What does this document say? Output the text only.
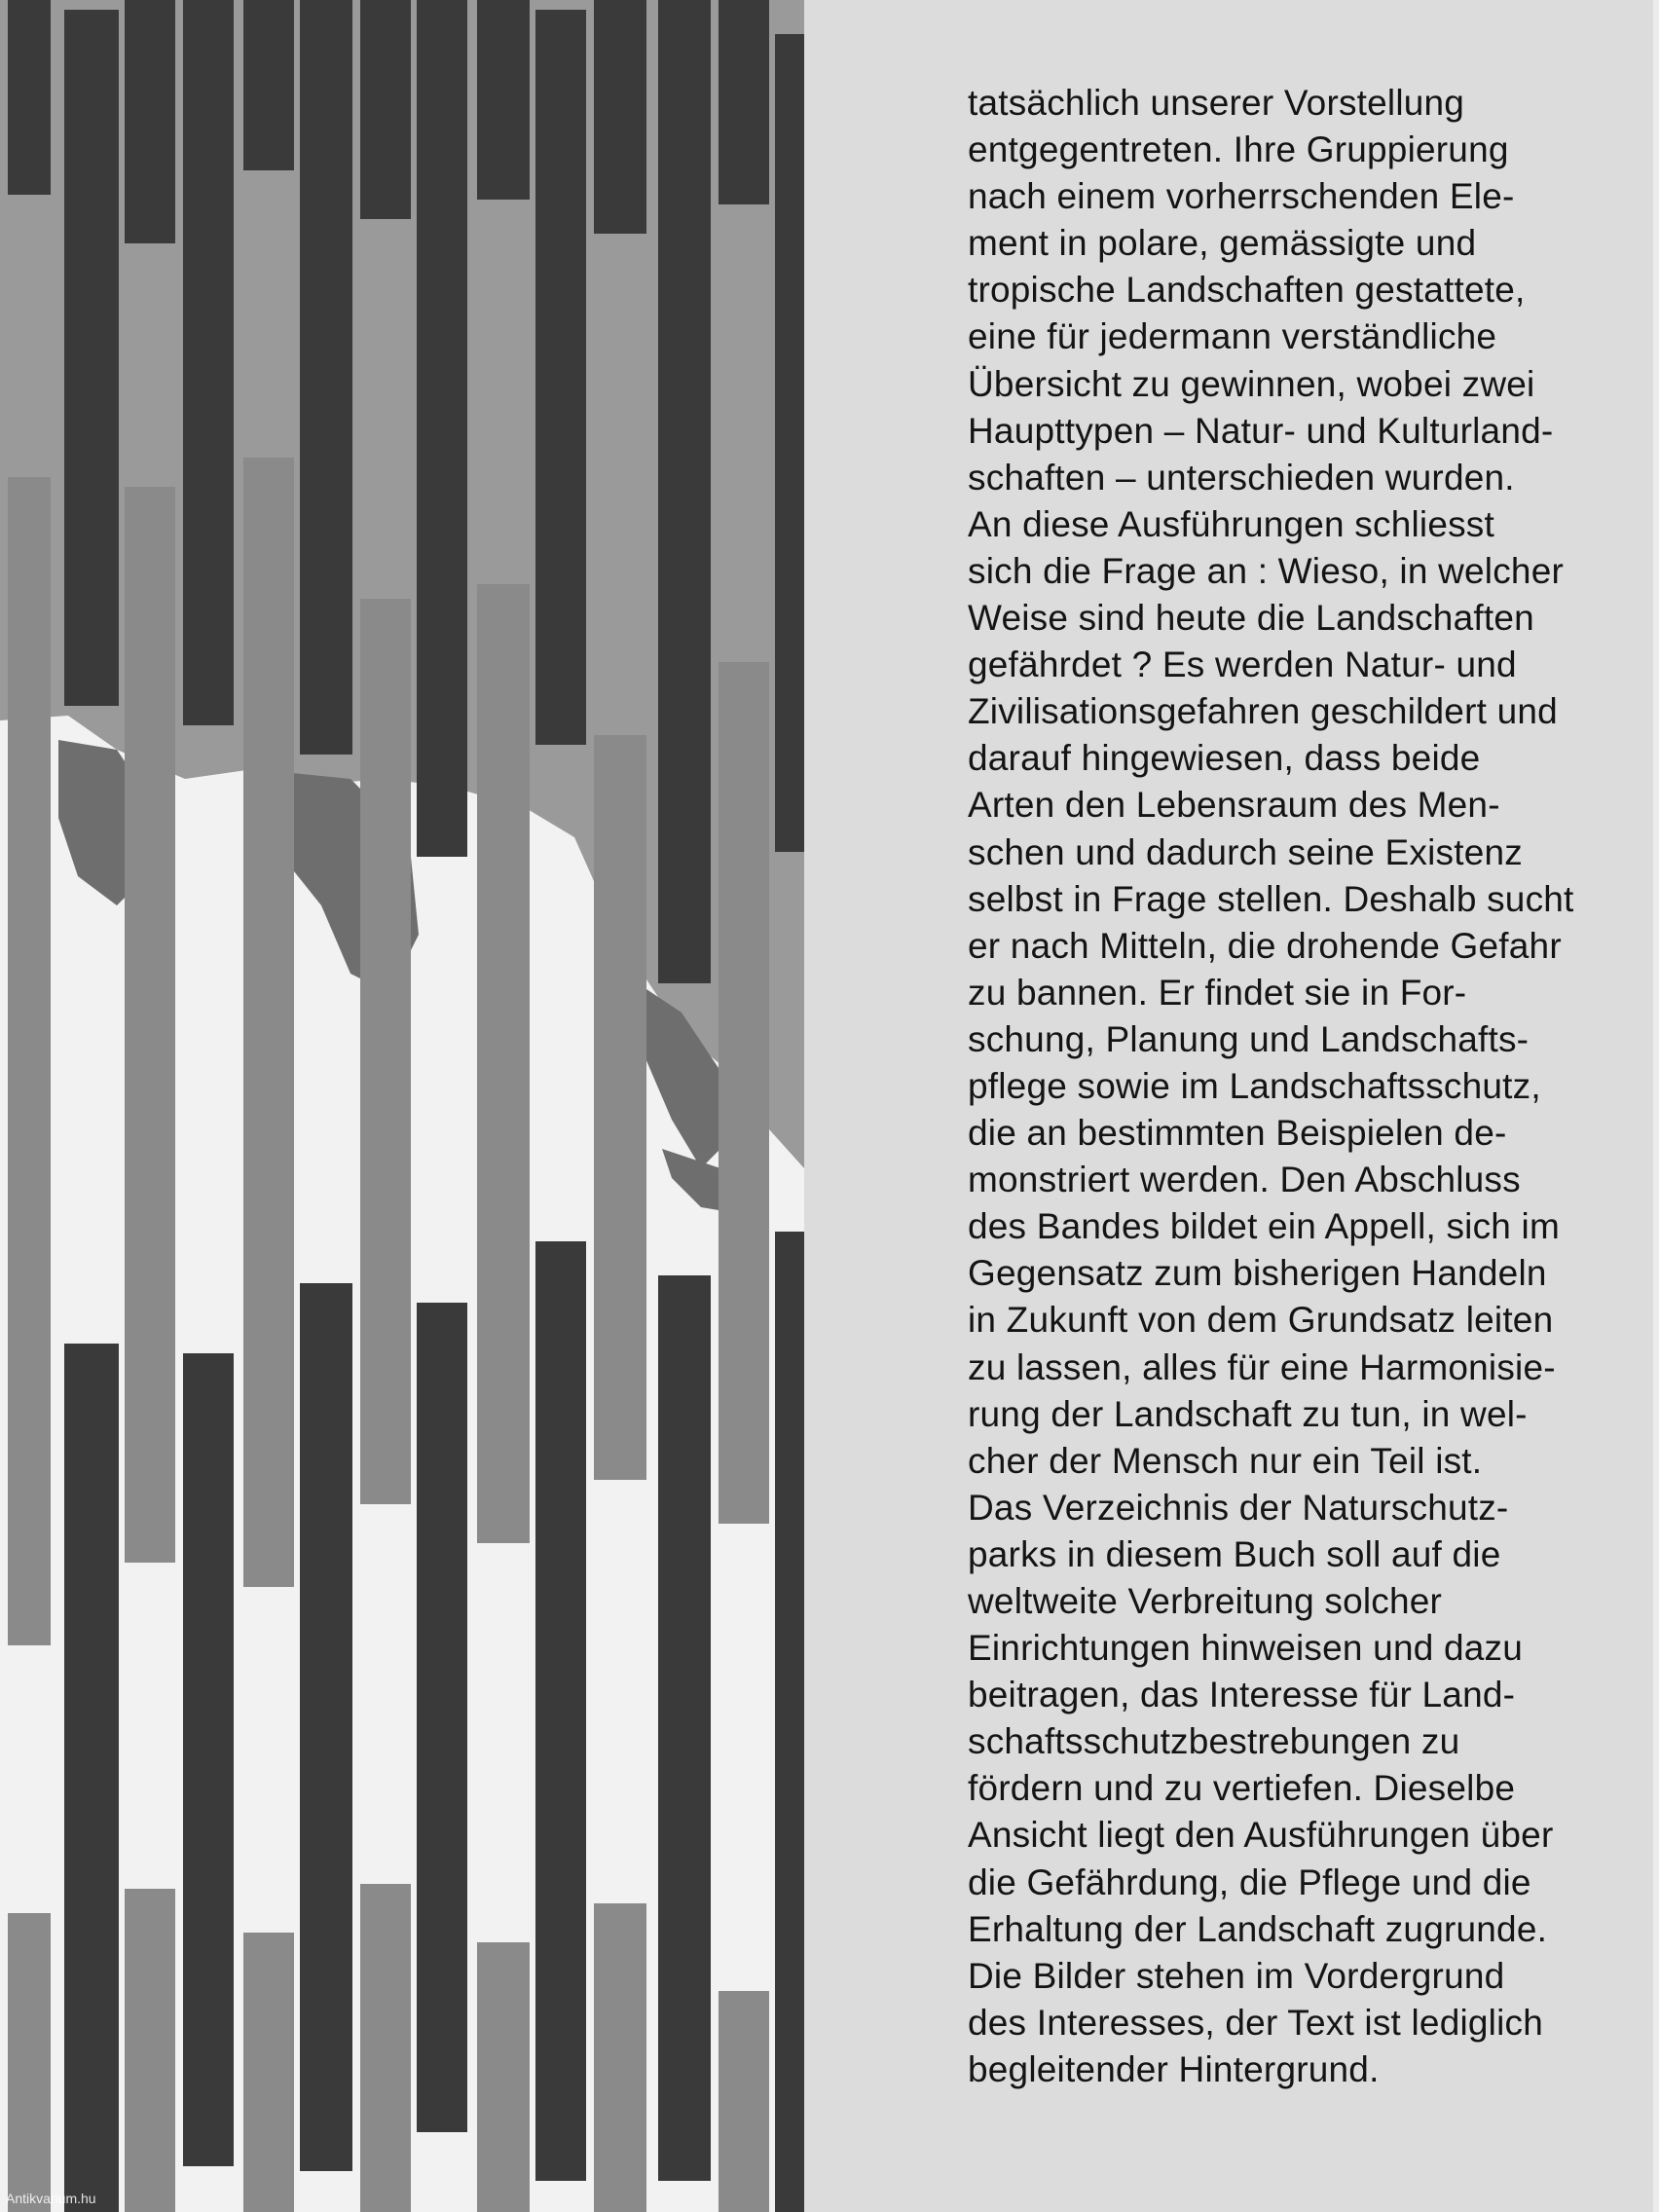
tatsächlich unserer Vorstellung
entgegentreten. Ihre Gruppierung
nach einem vorherrschenden Ele-
ment in polare, gemässigte und
tropische Landschaften gestattete,
eine für jedermann verständliche
Übersicht zu gewinnen, wobei zwei
Haupttypen – Natur- und Kulturland-
schaften – unterschieden wurden.
An diese Ausführungen schliesst
sich die Frage an : Wieso, in welcher
Weise sind heute die Landschaften
gefährdet ? Es werden Natur- und
Zivilisationsgefahren geschildert und
darauf hingewiesen, dass beide
Arten den Lebensraum des Men-
schen und dadurch seine Existenz
selbst in Frage stellen. Deshalb sucht
er nach Mitteln, die drohende Gefahr
zu bannen. Er findet sie in For-
schung, Planung und Landschafts-
pflege sowie im Landschaftsschutz,
die an bestimmten Beispielen de-
monstriert werden. Den Abschluss
des Bandes bildet ein Appell, sich im
Gegensatz zum bisherigen Handeln
in Zukunft von dem Grundsatz leiten
zu lassen, alles für eine Harmonisie-
rung der Landschaft zu tun, in wel-
cher der Mensch nur ein Teil ist.
Das Verzeichnis der Naturschutz-
parks in diesem Buch soll auf die
weltweite Verbreitung solcher
Einrichtungen hinweisen und dazu
beitragen, das Interesse für Land-
schaftsschutzbestrebungen zu
fördern und zu vertiefen. Dieselbe
Ansicht liegt den Ausführungen über
die Gefährdung, die Pflege und die
Erhaltung der Landschaft zugrunde.
Die Bilder stehen im Vordergrund
des Interesses, der Text ist lediglich
begleitender Hintergrund.
Antikvarium.hu
